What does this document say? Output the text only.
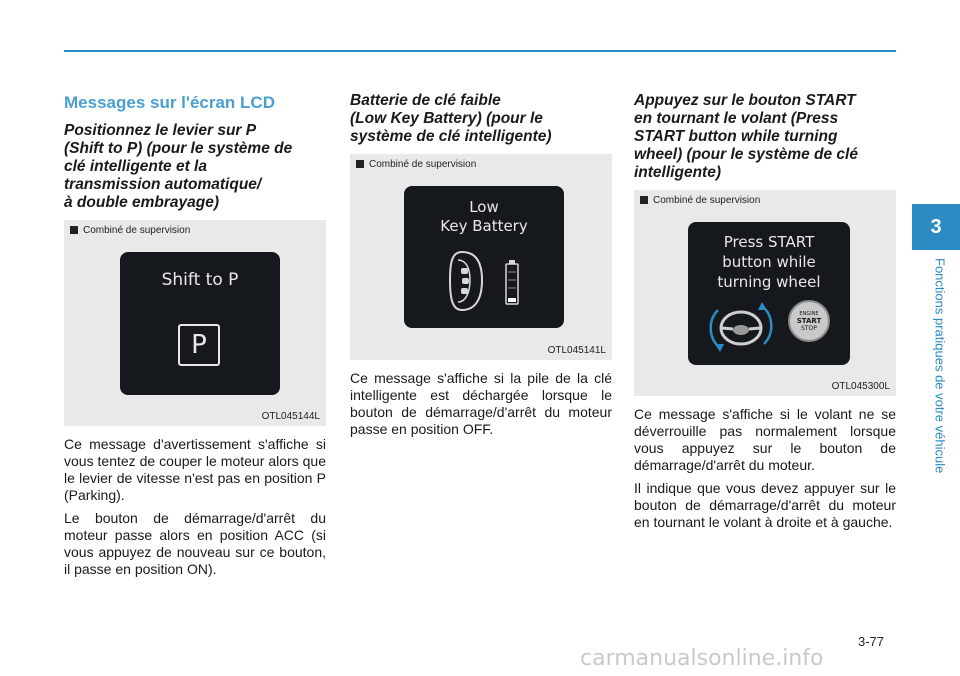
Messages sur l'écran LCD
Positionnez le levier sur P
(Shift to P) (pour le système de
clé intelligente et la
transmission automatique/
à double embrayage)
Combiné de supervision
Shift to P
P
OTL045144L

Ce message d'avertissement s'affiche si vous tentez de couper le moteur alors que le levier de vitesse n'est pas en position P (Parking).

Le bouton de démarrage/d'arrêt du moteur passe alors en position ACC (si vous appuyez de nouveau sur ce bouton, il passe en position ON).

Batterie de clé faible
(Low Key Battery) (pour le
système de clé intelligente)
Combiné de supervision
Low
Key Battery
OTL045141L

Ce message s'affiche si la pile de la clé intelligente est déchargée lorsque le bouton de démarrage/d'arrêt du moteur passe en position OFF.

Appuyez sur le bouton START
en tournant le volant (Press
START button while turning
wheel) (pour le système de clé
intelligente)
Combiné de supervision
Press START
button while
turning wheel
ENGINE
START
STOP
OTL045300L

Ce message s'affiche si le volant ne se déverrouille pas normalement lorsque vous appuyez sur le bouton de démarrage/d'arrêt du moteur.

Il indique que vous devez appuyer sur le bouton de démarrage/d'arrêt du moteur en tournant le volant à droite et à gauche.

3
Fonctions pratiques de votre véhicule
3-77
carmanualsonline.info
